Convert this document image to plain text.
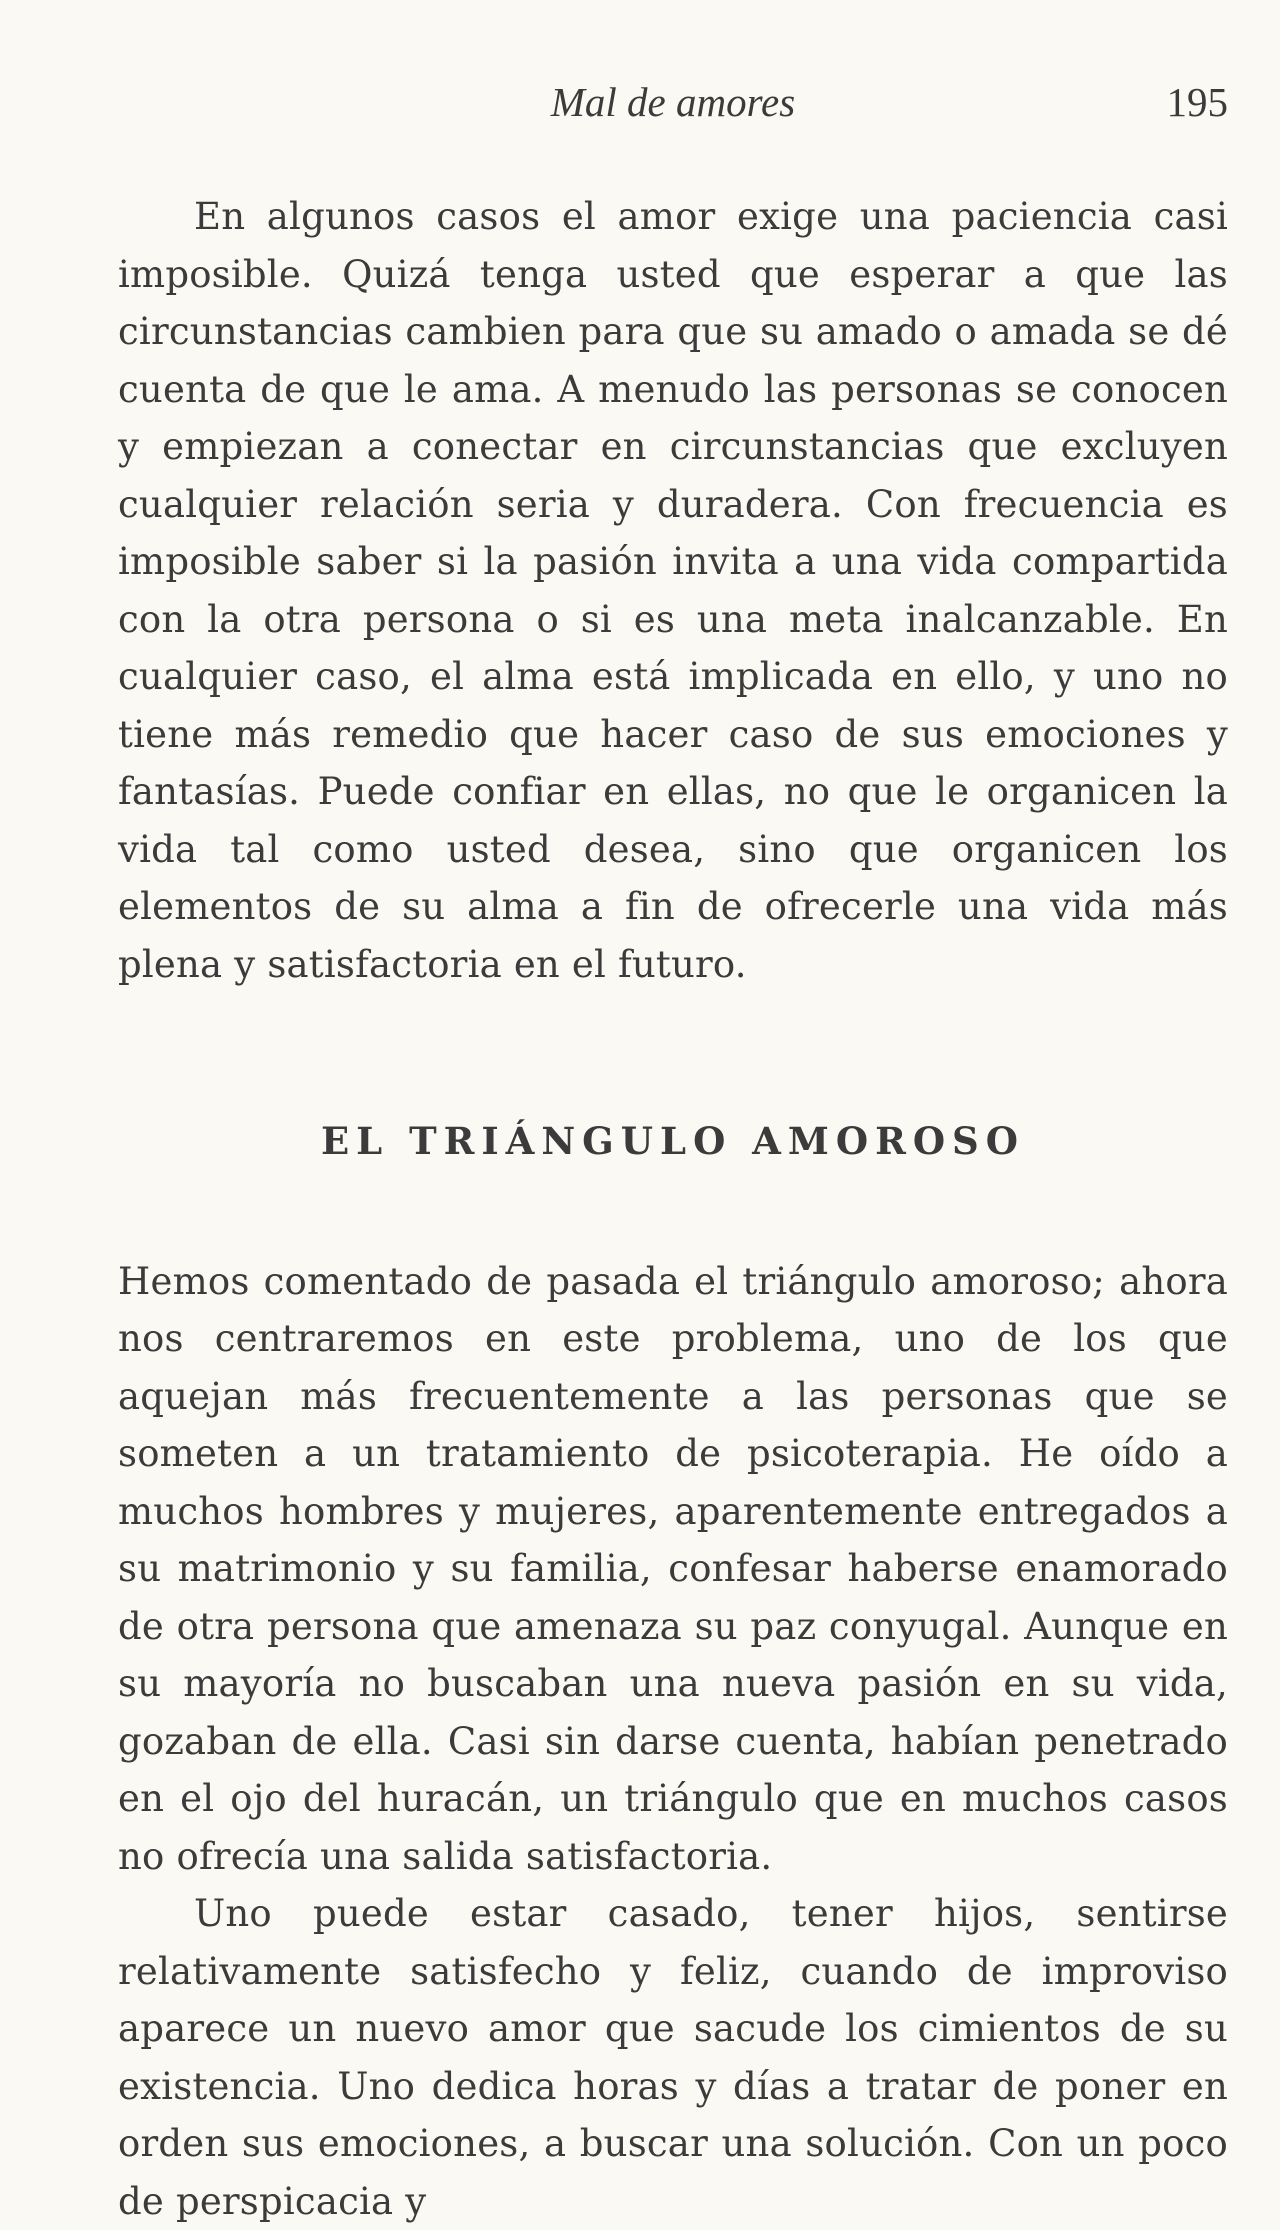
Mal de amores	195

En algunos casos el amor exige una paciencia casi imposible. Quizá tenga usted que esperar a que las circunstancias cambien para que su amado o amada se dé cuenta de que le ama. A menudo las personas se conocen y empiezan a conectar en circunstancias que excluyen cualquier relación seria y duradera. Con frecuencia es imposible saber si la pasión invita a una vida compartida con la otra persona o si es una meta inalcanzable. En cualquier caso, el alma está implicada en ello, y uno no tiene más remedio que hacer caso de sus emociones y fantasías. Puede confiar en ellas, no que le organicen la vida tal como usted desea, sino que organicen los elementos de su alma a fin de ofrecerle una vida más plena y satisfactoria en el futuro.

EL TRIÁNGULO AMOROSO

Hemos comentado de pasada el triángulo amoroso; ahora nos centraremos en este problema, uno de los que aquejan más frecuentemente a las personas que se someten a un tratamiento de psicoterapia. He oído a muchos hombres y mujeres, aparentemente entregados a su matrimonio y su familia, confesar haberse enamorado de otra persona que amenaza su paz conyugal. Aunque en su mayoría no buscaban una nueva pasión en su vida, gozaban de ella. Casi sin darse cuenta, habían penetrado en el ojo del huracán, un triángulo que en muchos casos no ofrecía una salida satisfactoria.

Uno puede estar casado, tener hijos, sentirse relativamente satisfecho y feliz, cuando de improviso aparece un nuevo amor que sacude los cimientos de su existencia. Uno dedica horas y días a tratar de poner en orden sus emociones, a buscar una solución. Con un poco de perspicacia y
